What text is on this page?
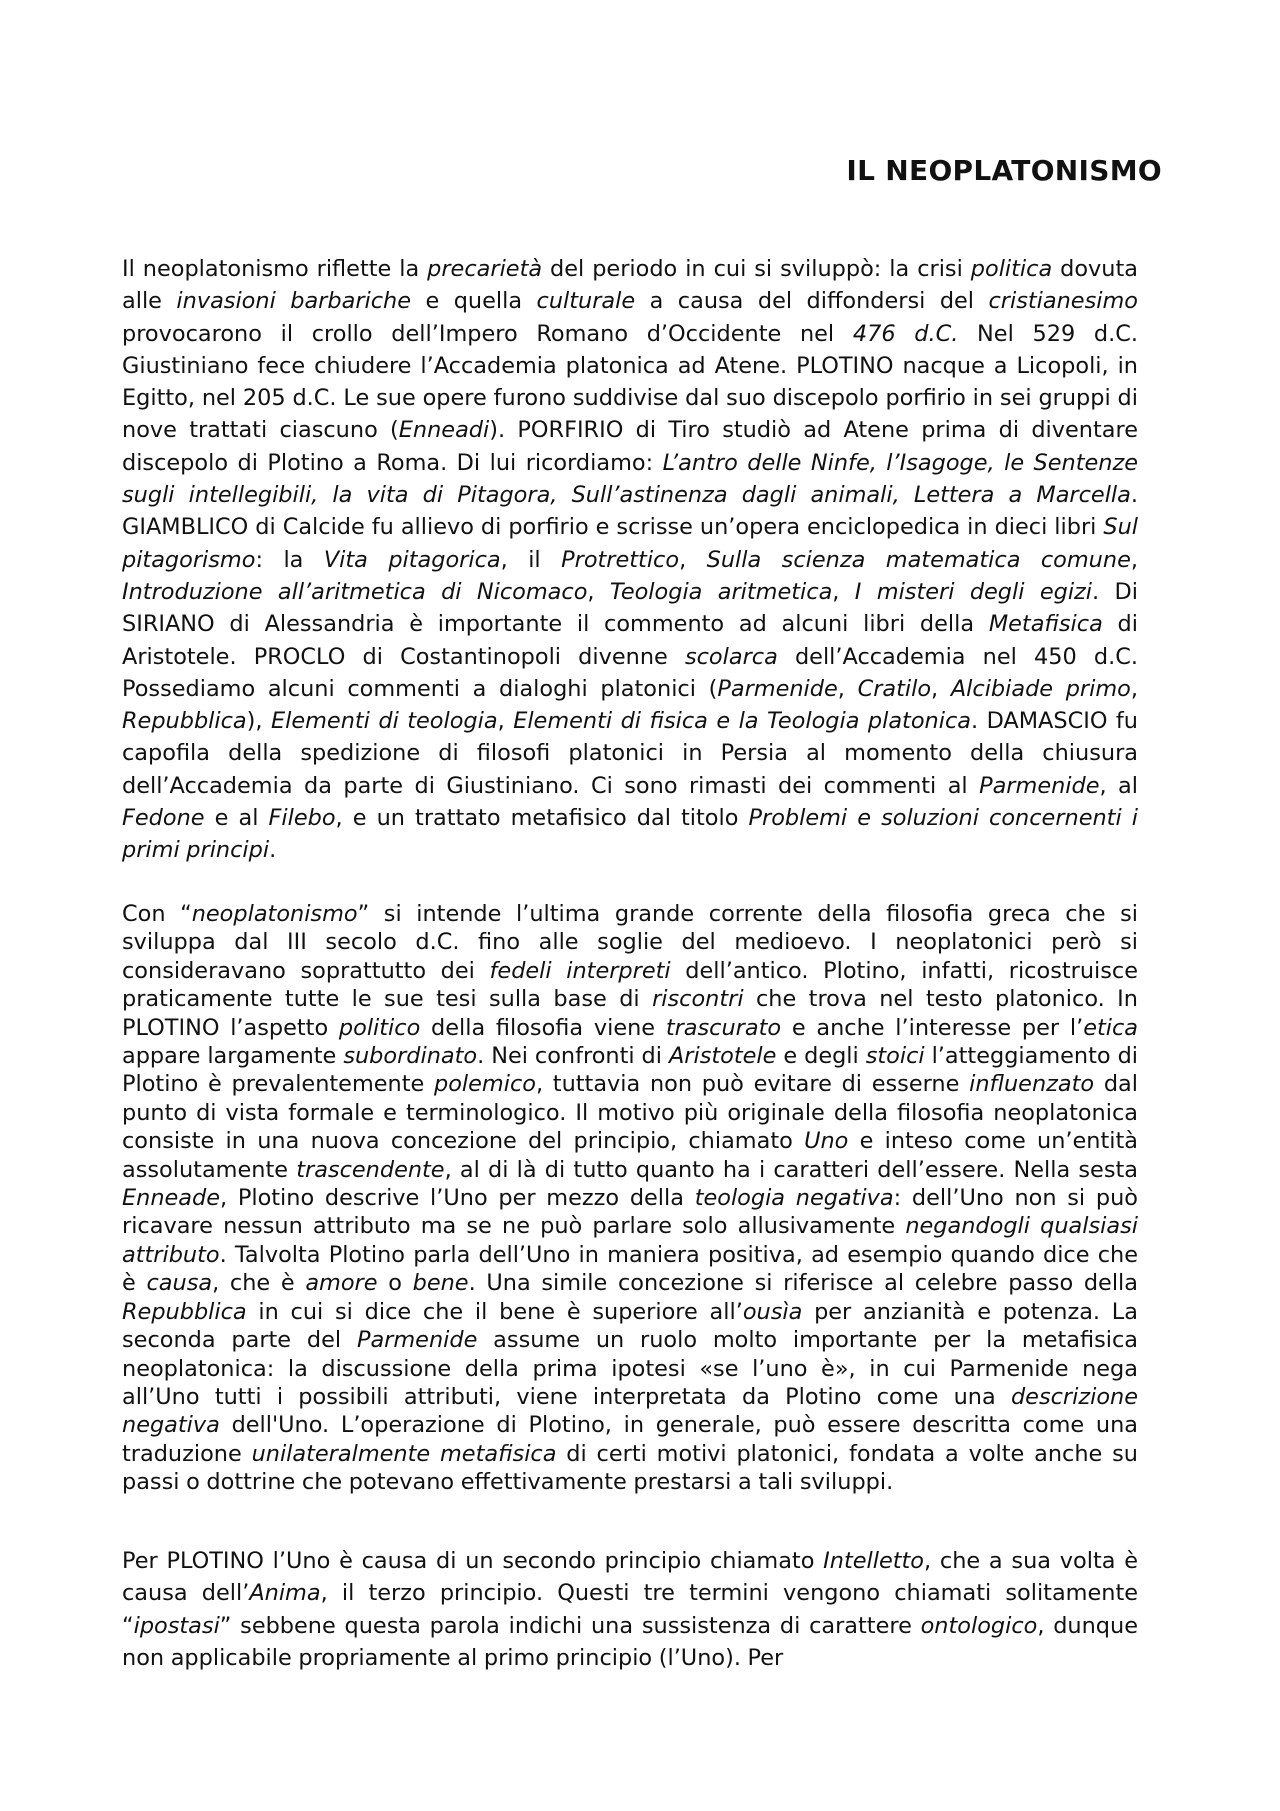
IL NEOPLATONISMO

Il neoplatonismo riflette la precarietà del periodo in cui si sviluppò: la crisi politica dovuta alle invasioni barbariche e quella culturale a causa del diffondersi del cristianesimo provocarono il crollo dell’Impero Romano d’Occidente nel 476 d.C. Nel 529 d.C. Giustiniano fece chiudere l’Accademia platonica ad Atene. PLOTINO nacque a Licopoli, in Egitto, nel 205 d.C. Le sue opere furono suddivise dal suo discepolo porfirio in sei gruppi di nove trattati ciascuno (Enneadi). PORFIRIO di Tiro studiò ad Atene prima di diventare discepolo di Plotino a Roma. Di lui ricordiamo: L’antro delle Ninfe, l’Isagoge, le Sentenze sugli intellegibili, la vita di Pitagora, Sull’astinenza dagli animali, Lettera a Marcella. GIAMBLICO di Calcide fu allievo di porfirio e scrisse un’opera enciclopedica in dieci libri Sul pitagorismo: la Vita pitagorica, il Protrettico, Sulla scienza matematica comune, Introduzione all’aritmetica di Nicomaco, Teologia aritmetica, I misteri degli egizi. Di SIRIANO di Alessandria è importante il commento ad alcuni libri della Metafisica di Aristotele. PROCLO di Costantinopoli divenne scolarca dell’Accademia nel 450 d.C. Possediamo alcuni commenti a dialoghi platonici (Parmenide, Cratilo, Alcibiade primo, Repubblica), Elementi di teologia, Elementi di fisica e la Teologia platonica. DAMASCIO fu capofila della spedizione di filosofi platonici in Persia al momento della chiusura dell’Accademia da parte di Giustiniano. Ci sono rimasti dei commenti al Parmenide, al Fedone e al Filebo, e un trattato metafisico dal titolo Problemi e soluzioni concernenti i primi principi.

Con “neoplatonismo” si intende l’ultima grande corrente della filosofia greca che si sviluppa dal III secolo d.C. fino alle soglie del medioevo. I neoplatonici però si consideravano soprattutto dei fedeli interpreti dell’antico. Plotino, infatti, ricostruisce praticamente tutte le sue tesi sulla base di riscontri che trova nel testo platonico. In PLOTINO l’aspetto politico della filosofia viene trascurato e anche l’interesse per l’etica appare largamente subordinato. Nei confronti di Aristotele e degli stoici l’atteggiamento di Plotino è prevalentemente polemico, tuttavia non può evitare di esserne influenzato dal punto di vista formale e terminologico. Il motivo più originale della filosofia neoplatonica consiste in una nuova concezione del principio, chiamato Uno e inteso come un’entità assolutamente trascendente, al di là di tutto quanto ha i caratteri dell’essere. Nella sesta Enneade, Plotino descrive l’Uno per mezzo della teologia negativa: dell’Uno non si può ricavare nessun attributo ma se ne può parlare solo allusivamente negandogli qualsiasi attributo. Talvolta Plotino parla dell’Uno in maniera positiva, ad esempio quando dice che è causa, che è amore o bene. Una simile concezione si riferisce al celebre passo della Repubblica in cui si dice che il bene è superiore all’ousìa per anzianità e potenza. La seconda parte del Parmenide assume un ruolo molto importante per la metafisica neoplatonica: la discussione della prima ipotesi «se l’uno è», in cui Parmenide nega all’Uno tutti i possibili attributi, viene interpretata da Plotino come una descrizione negativa dell'Uno. L’operazione di Plotino, in generale, può essere descritta come una traduzione unilateralmente metafisica di certi motivi platonici, fondata a volte anche su passi o dottrine che potevano effettivamente prestarsi a tali sviluppi.

Per PLOTINO l’Uno è causa di un secondo principio chiamato Intelletto, che a sua volta è causa dell’Anima, il terzo principio. Questi tre termini vengono chiamati solitamente “ipostasi” sebbene questa parola indichi una sussistenza di carattere ontologico, dunque non applicabile propriamente al primo principio (l’Uno). Per
